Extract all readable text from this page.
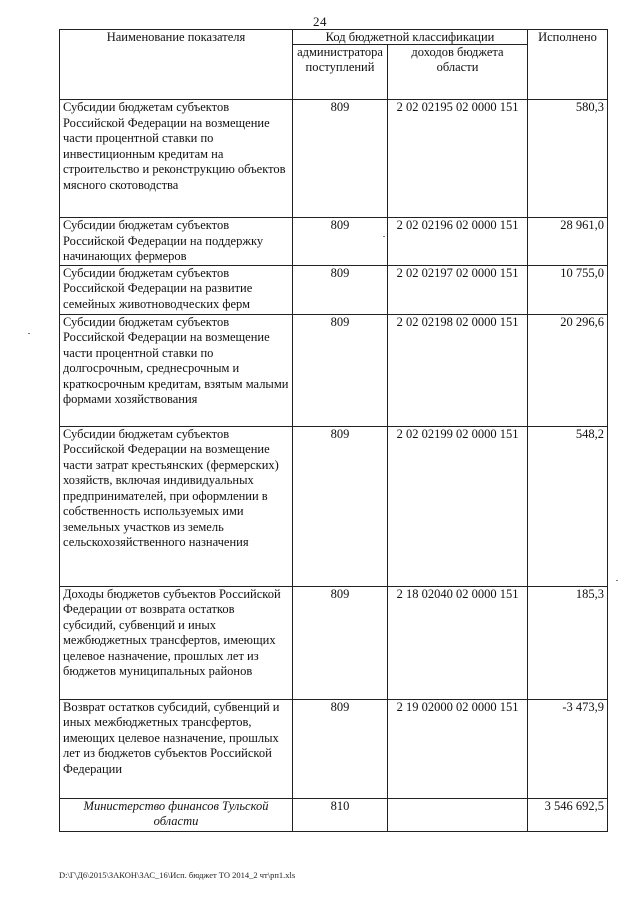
24
Наименование показателя	Код бюджетной классификации		Исполнено
	администратора поступлений	доходов бюджета области	
Субсидии бюджетам субъектов Российской Федерации на возмещение части процентной ставки по инвестиционным кредитам на строительство и реконструкцию объектов мясного скотоводства	809	2 02 02195 02 0000 151	580,3
Субсидии бюджетам субъектов Российской Федерации на поддержку начинающих фермеров	809	2 02 02196 02 0000 151	28 961,0
Субсидии бюджетам субъектов Российской Федерации на развитие семейных животноводческих ферм	809	2 02 02197 02 0000 151	10 755,0
Субсидии бюджетам субъектов Российской Федерации на возмещение части процентной ставки по долгосрочным, среднесрочным и краткосрочным кредитам, взятым малыми формами хозяйствования	809	2 02 02198 02 0000 151	20 296,6
Субсидии бюджетам субъектов Российской Федерации на возмещение части затрат крестьянских (фермерских) хозяйств, включая индивидуальных предпринимателей, при оформлении в собственность используемых ими земельных участков из земель сельскохозяйственного назначения	809	2 02 02199 02 0000 151	548,2
Доходы бюджетов субъектов Российской Федерации от возврата остатков субсидий, субвенций и иных межбюджетных трансфертов, имеющих целевое назначение, прошлых лет из бюджетов муниципальных районов	809	2 18 02040 02 0000 151	185,3
Возврат остатков субсидий, субвенций и иных межбюджетных трансфертов, имеющих целевое назначение, прошлых лет из бюджетов субъектов Российской Федерации	809	2 19 02000 02 0000 151	-3 473,9
Министерство финансов Тульской области	810		3 546 692,5
D:\Г\Д6\2015\ЗАКОН\ЗАС_16\Исп. бюджет ТО 2014_2 чт\рп1.xls
